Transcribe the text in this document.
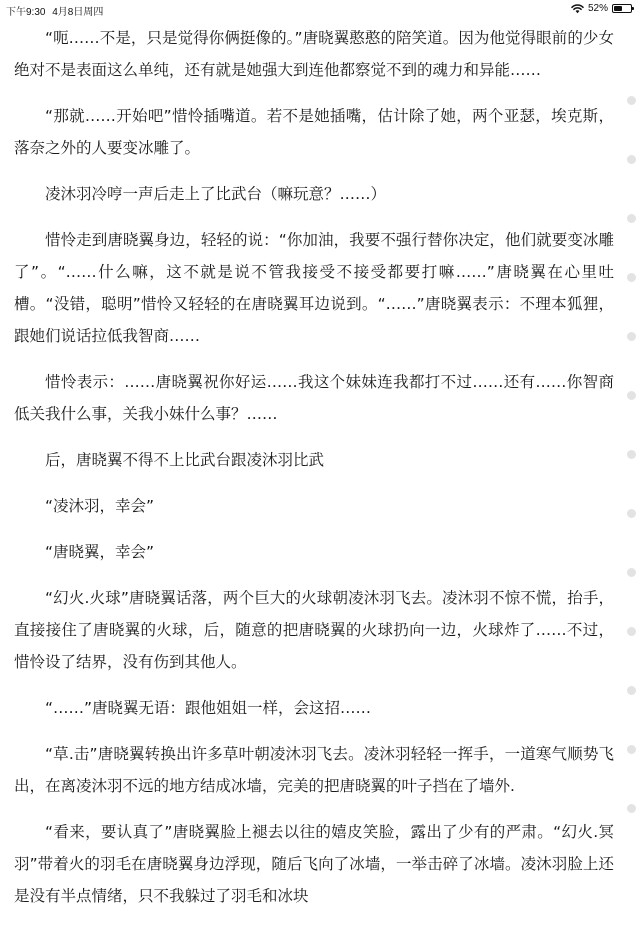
下午9:30 4月8日周四	52%

“呃……不是，只是觉得你俩挺像的。”唐晓翼憨憨的陪笑道。因为他觉得眼前的少女绝对不是表面这么单纯，还有就是她强大到连他都察觉不到的魂力和异能……

“那就……开始吧”惜怜插嘴道。若不是她插嘴，估计除了她，两个亚瑟，埃克斯，落奈之外的人要变冰雕了。

凌沐羽冷哼一声后走上了比武台（嘛玩意？……）

惜怜走到唐晓翼身边，轻轻的说：“你加油，我要不强行替你决定，他们就要变冰雕了”。“……什么嘛，这不就是说不管我接受不接受都要打嘛……”唐晓翼在心里吐槽。“没错，聪明”惜怜又轻轻的在唐晓翼耳边说到。“……”唐晓翼表示：不理本狐狸，跟她们说话拉低我智商……

惜怜表示：……唐晓翼祝你好运……我这个妹妹连我都打不过……还有……你智商低关我什么事，关我小妹什么事？……

后，唐晓翼不得不上比武台跟凌沐羽比武

“凌沐羽，幸会”

“唐晓翼，幸会”

“幻火.火球”唐晓翼话落，两个巨大的火球朝凌沐羽飞去。凌沐羽不惊不慌，抬手，直接接住了唐晓翼的火球，后，随意的把唐晓翼的火球扔向一边，火球炸了……不过，惜怜设了结界，没有伤到其他人。

“……”唐晓翼无语：跟他姐姐一样，会这招……

“草.击”唐晓翼转换出许多草叶朝凌沐羽飞去。凌沐羽轻轻一挥手，一道寒气顺势飞出，在离凌沐羽不远的地方结成冰墙，完美的把唐晓翼的叶子挡在了墙外.

“看来，要认真了”唐晓翼脸上褪去以往的嬉皮笑脸，露出了少有的严肃。“幻火.冥羽”带着火的羽毛在唐晓翼身边浮现，随后飞向了冰墙，一举击碎了冰墙。凌沐羽脸上还是没有半点情绪，只不我躲过了羽毛和冰块
